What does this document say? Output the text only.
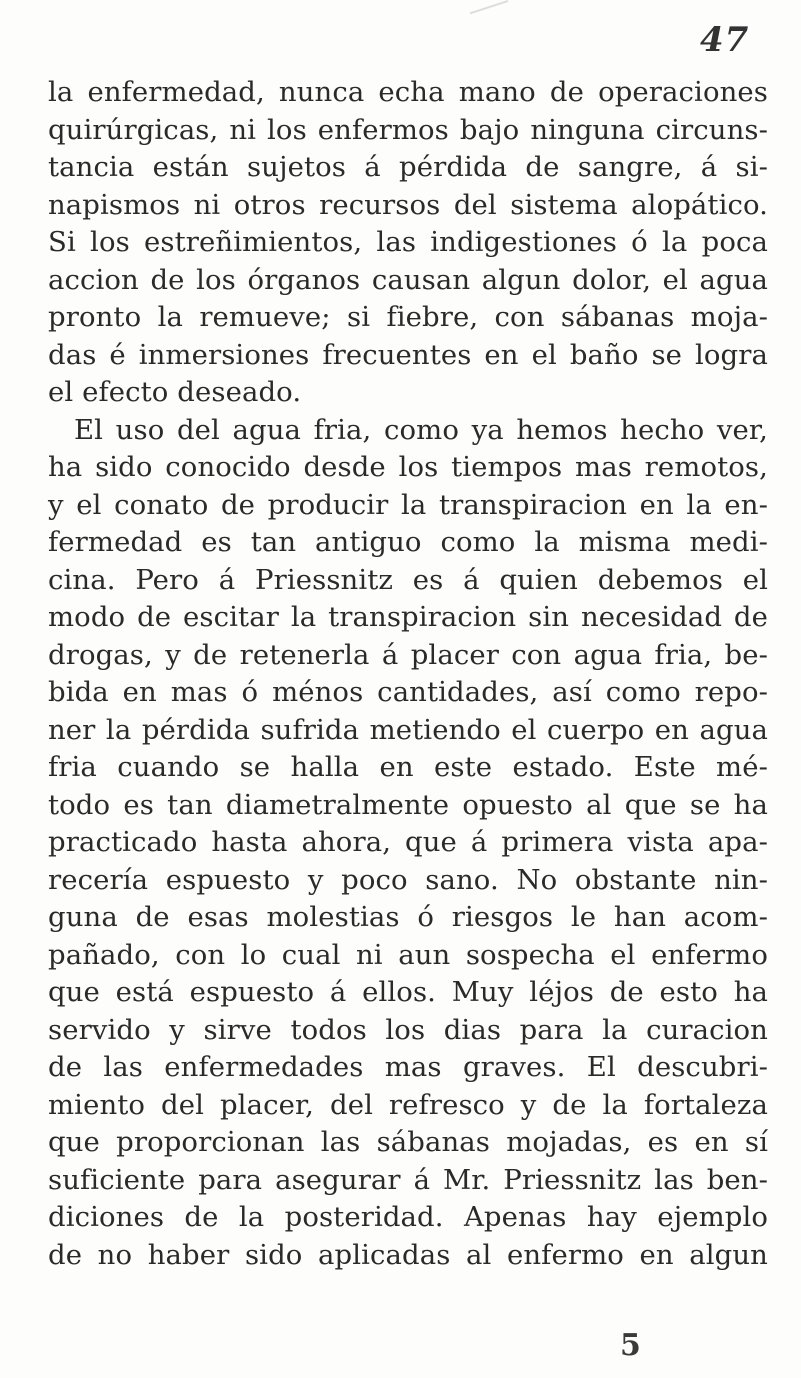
47
la enfermedad, nunca echa mano de operaciones
quirúrgicas, ni los enfermos bajo ninguna circuns-
tancia están sujetos á pérdida de sangre, á si-
napismos ni otros recursos del sistema alopático.
Si los estreñimientos, las indigestiones ó la poca
accion de los órganos causan algun dolor, el agua
pronto la remueve; si fiebre, con sábanas moja-
das é inmersiones frecuentes en el baño se logra
el efecto deseado.
El uso del agua fria, como ya hemos hecho ver,
ha sido conocido desde los tiempos mas remotos,
y el conato de producir la transpiracion en la en-
fermedad es tan antiguo como la misma medi-
cina. Pero á Priessnitz es á quien debemos el
modo de escitar la transpiracion sin necesidad de
drogas, y de retenerla á placer con agua fria, be-
bida en mas ó ménos cantidades, así como repo-
ner la pérdida sufrida metiendo el cuerpo en agua
fria cuando se halla en este estado. Este mé-
todo es tan diametralmente opuesto al que se ha
practicado hasta ahora, que á primera vista apa-
recería espuesto y poco sano. No obstante nin-
guna de esas molestias ó riesgos le han acom-
pañado, con lo cual ni aun sospecha el enfermo
que está espuesto á ellos. Muy léjos de esto ha
servido y sirve todos los dias para la curacion
de las enfermedades mas graves. El descubri-
miento del placer, del refresco y de la fortaleza
que proporcionan las sábanas mojadas, es en sí
suficiente para asegurar á Mr. Priessnitz las ben-
diciones de la posteridad. Apenas hay ejemplo
de no haber sido aplicadas al enfermo en algun
5
